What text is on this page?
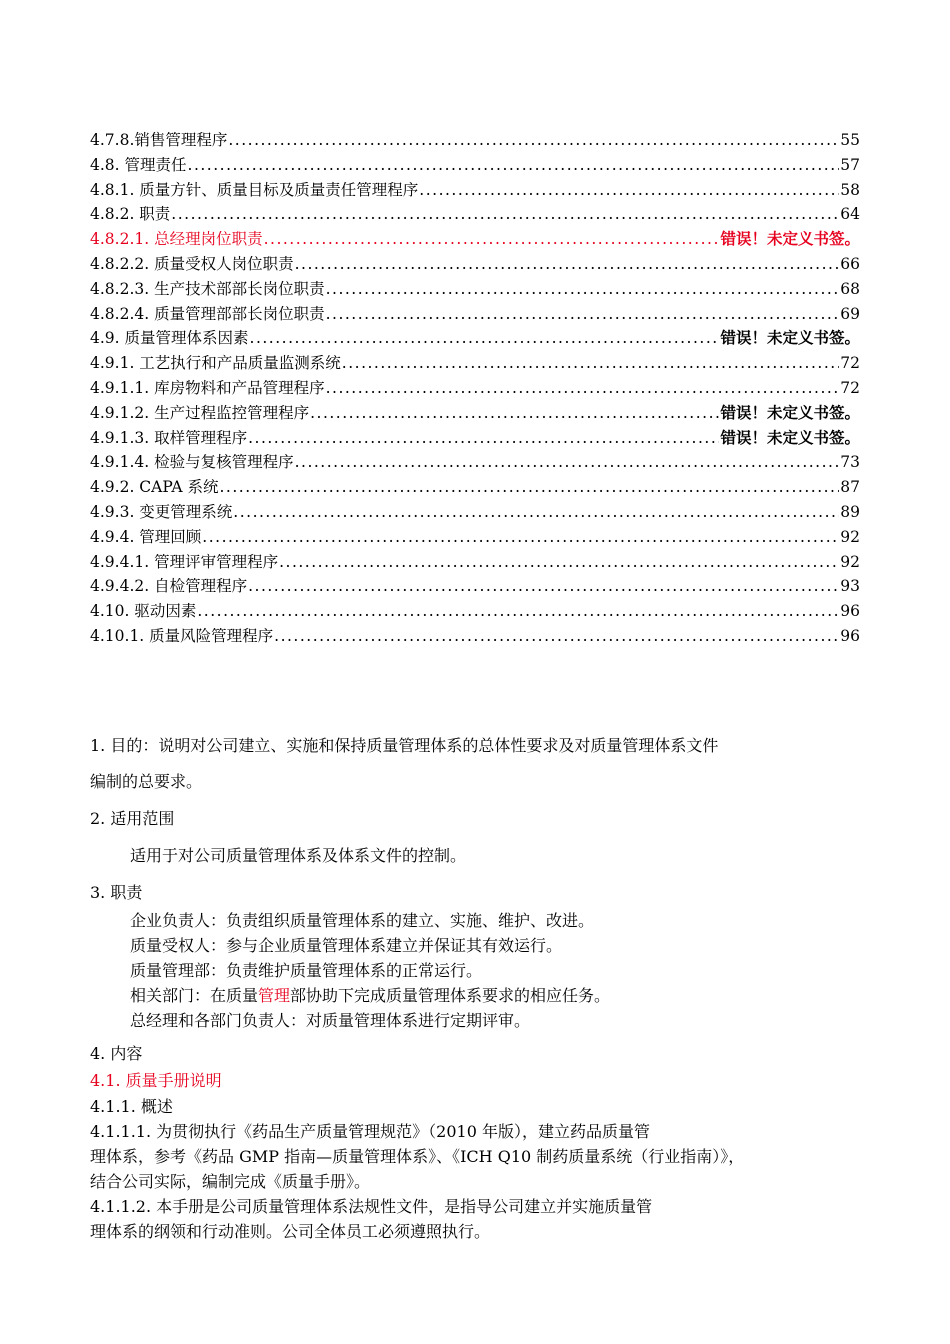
4.7.8.销售管理程序 .....	55
4.8. 管理责任 .....	57
4.8.1. 质量方针、质量目标及质量责任管理程序 .....	58
4.8.2. 职责 .....	64
4.8.2.1. 总经理岗位职责 .....	错误！未定义书签。
4.8.2.2. 质量受权人岗位职责 .....	66
4.8.2.3. 生产技术部部长岗位职责 .....	68
4.8.2.4. 质量管理部部长岗位职责 .....	69
4.9. 质量管理体系因素 .....	错误！未定义书签。
4.9.1. 工艺执行和产品质量监测系统 .....	72
4.9.1.1. 库房物料和产品管理程序 .....	72
4.9.1.2. 生产过程监控管理程序 .....	错误！未定义书签。
4.9.1.3. 取样管理程序 .....	错误！未定义书签。
4.9.1.4. 检验与复核管理程序 .....	73
4.9.2. CAPA 系统 .....	87
4.9.3. 变更管理系统 .....	89
4.9.4. 管理回顾 .....	92
4.9.4.1. 管理评审管理程序 .....	92
4.9.4.2. 自检管理程序 .....	93
4.10. 驱动因素 .....	96
4.10.1. 质量风险管理程序 .....	96
1. 目的：说明对公司建立、实施和保持质量管理体系的总体性要求及对质量管理体系文件
编制的总要求。
2. 适用范围
适用于对公司质量管理体系及体系文件的控制。
3. 职责
企业负责人：负责组织质量管理体系的建立、实施、维护、改进。
质量受权人：参与企业质量管理体系建立并保证其有效运行。
质量管理部：负责维护质量管理体系的正常运行。
相关部门：在质量管理部协助下完成质量管理体系要求的相应任务。
总经理和各部门负责人：对质量管理体系进行定期评审。
4. 内容
4.1. 质量手册说明
4.1.1. 概述
4.1.1.1. 为贯彻执行《药品生产质量管理规范》（2010 年版），建立药品质量管
理体系，参考《药品 GMP 指南—质量管理体系》、《ICH Q10 制药质量系统（行业指南）》，
结合公司实际，编制完成《质量手册》。
4.1.1.2. 本手册是公司质量管理体系法规性文件，是指导公司建立并实施质量管
理体系的纲领和行动准则。公司全体员工必须遵照执行。
